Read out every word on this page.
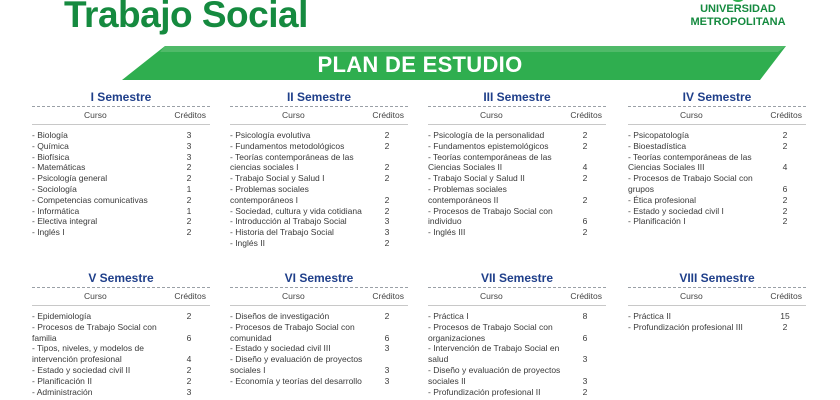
Trabajo Social	UNIVERSIDAD
METROPOLITANA
PLAN DE ESTUDIO
I Semestre
Curso	Créditos
- Biología	3
- Química	3
- Biofísica	3
- Matemáticas	2
- Psicología general	2
- Sociología	1
- Competencias comunicativas	2
- Informática	1
- Electiva integral	2
- Inglés I	2
II Semestre
Curso	Créditos
- Psicología evolutiva	2
- Fundamentos metodológicos	2
- Teorías contemporáneas de las ciencias sociales I	2
- Trabajo Social y Salud I	2
- Problemas sociales contemporáneos I	2
- Sociedad, cultura y vida cotidiana	2
- Introducción al Trabajo Social	3
- Historia del Trabajo Social	3
- Inglés II	2
III Semestre
Curso	Créditos
- Psicología de la personalidad	2
- Fundamentos epistemológicos	2
- Teorías contemporáneas de las Ciencias Sociales II	4
- Trabajo Social y Salud II	2
- Problemas sociales contemporáneos II	2
- Procesos de Trabajo Social con individuo	6
- Inglés III	2
IV Semestre
Curso	Créditos
- Psicopatología	2
- Bioestadística	2
- Teorías contemporáneas de las Ciencias Sociales III	4
- Procesos de Trabajo Social con grupos	6
- Ética profesional	2
- Estado y sociedad civil I	2
- Planificación I	2
V Semestre
Curso	Créditos
- Epidemiología	2
- Procesos de Trabajo Social con familia	6
- Tipos, niveles, y modelos de intervención profesional	4
- Estado y sociedad civil II	2
- Planificación II	2
- Administración	3
VI Semestre
Curso	Créditos
- Diseños de investigación	2
- Procesos de Trabajo Social con comunidad	6
- Estado y sociedad civil III	3
- Diseño y evaluación de proyectos sociales I	3
- Economía y teorías del desarrollo	3
VII Semestre
Curso	Créditos
- Práctica I	8
- Procesos de Trabajo Social con organizaciones	6
- Intervención de Trabajo Social en salud	3
- Diseño y evaluación de proyectos sociales II	3
- Profundización profesional II	2
VIII Semestre
Curso	Créditos
- Práctica II	15
- Profundización profesional III	2
